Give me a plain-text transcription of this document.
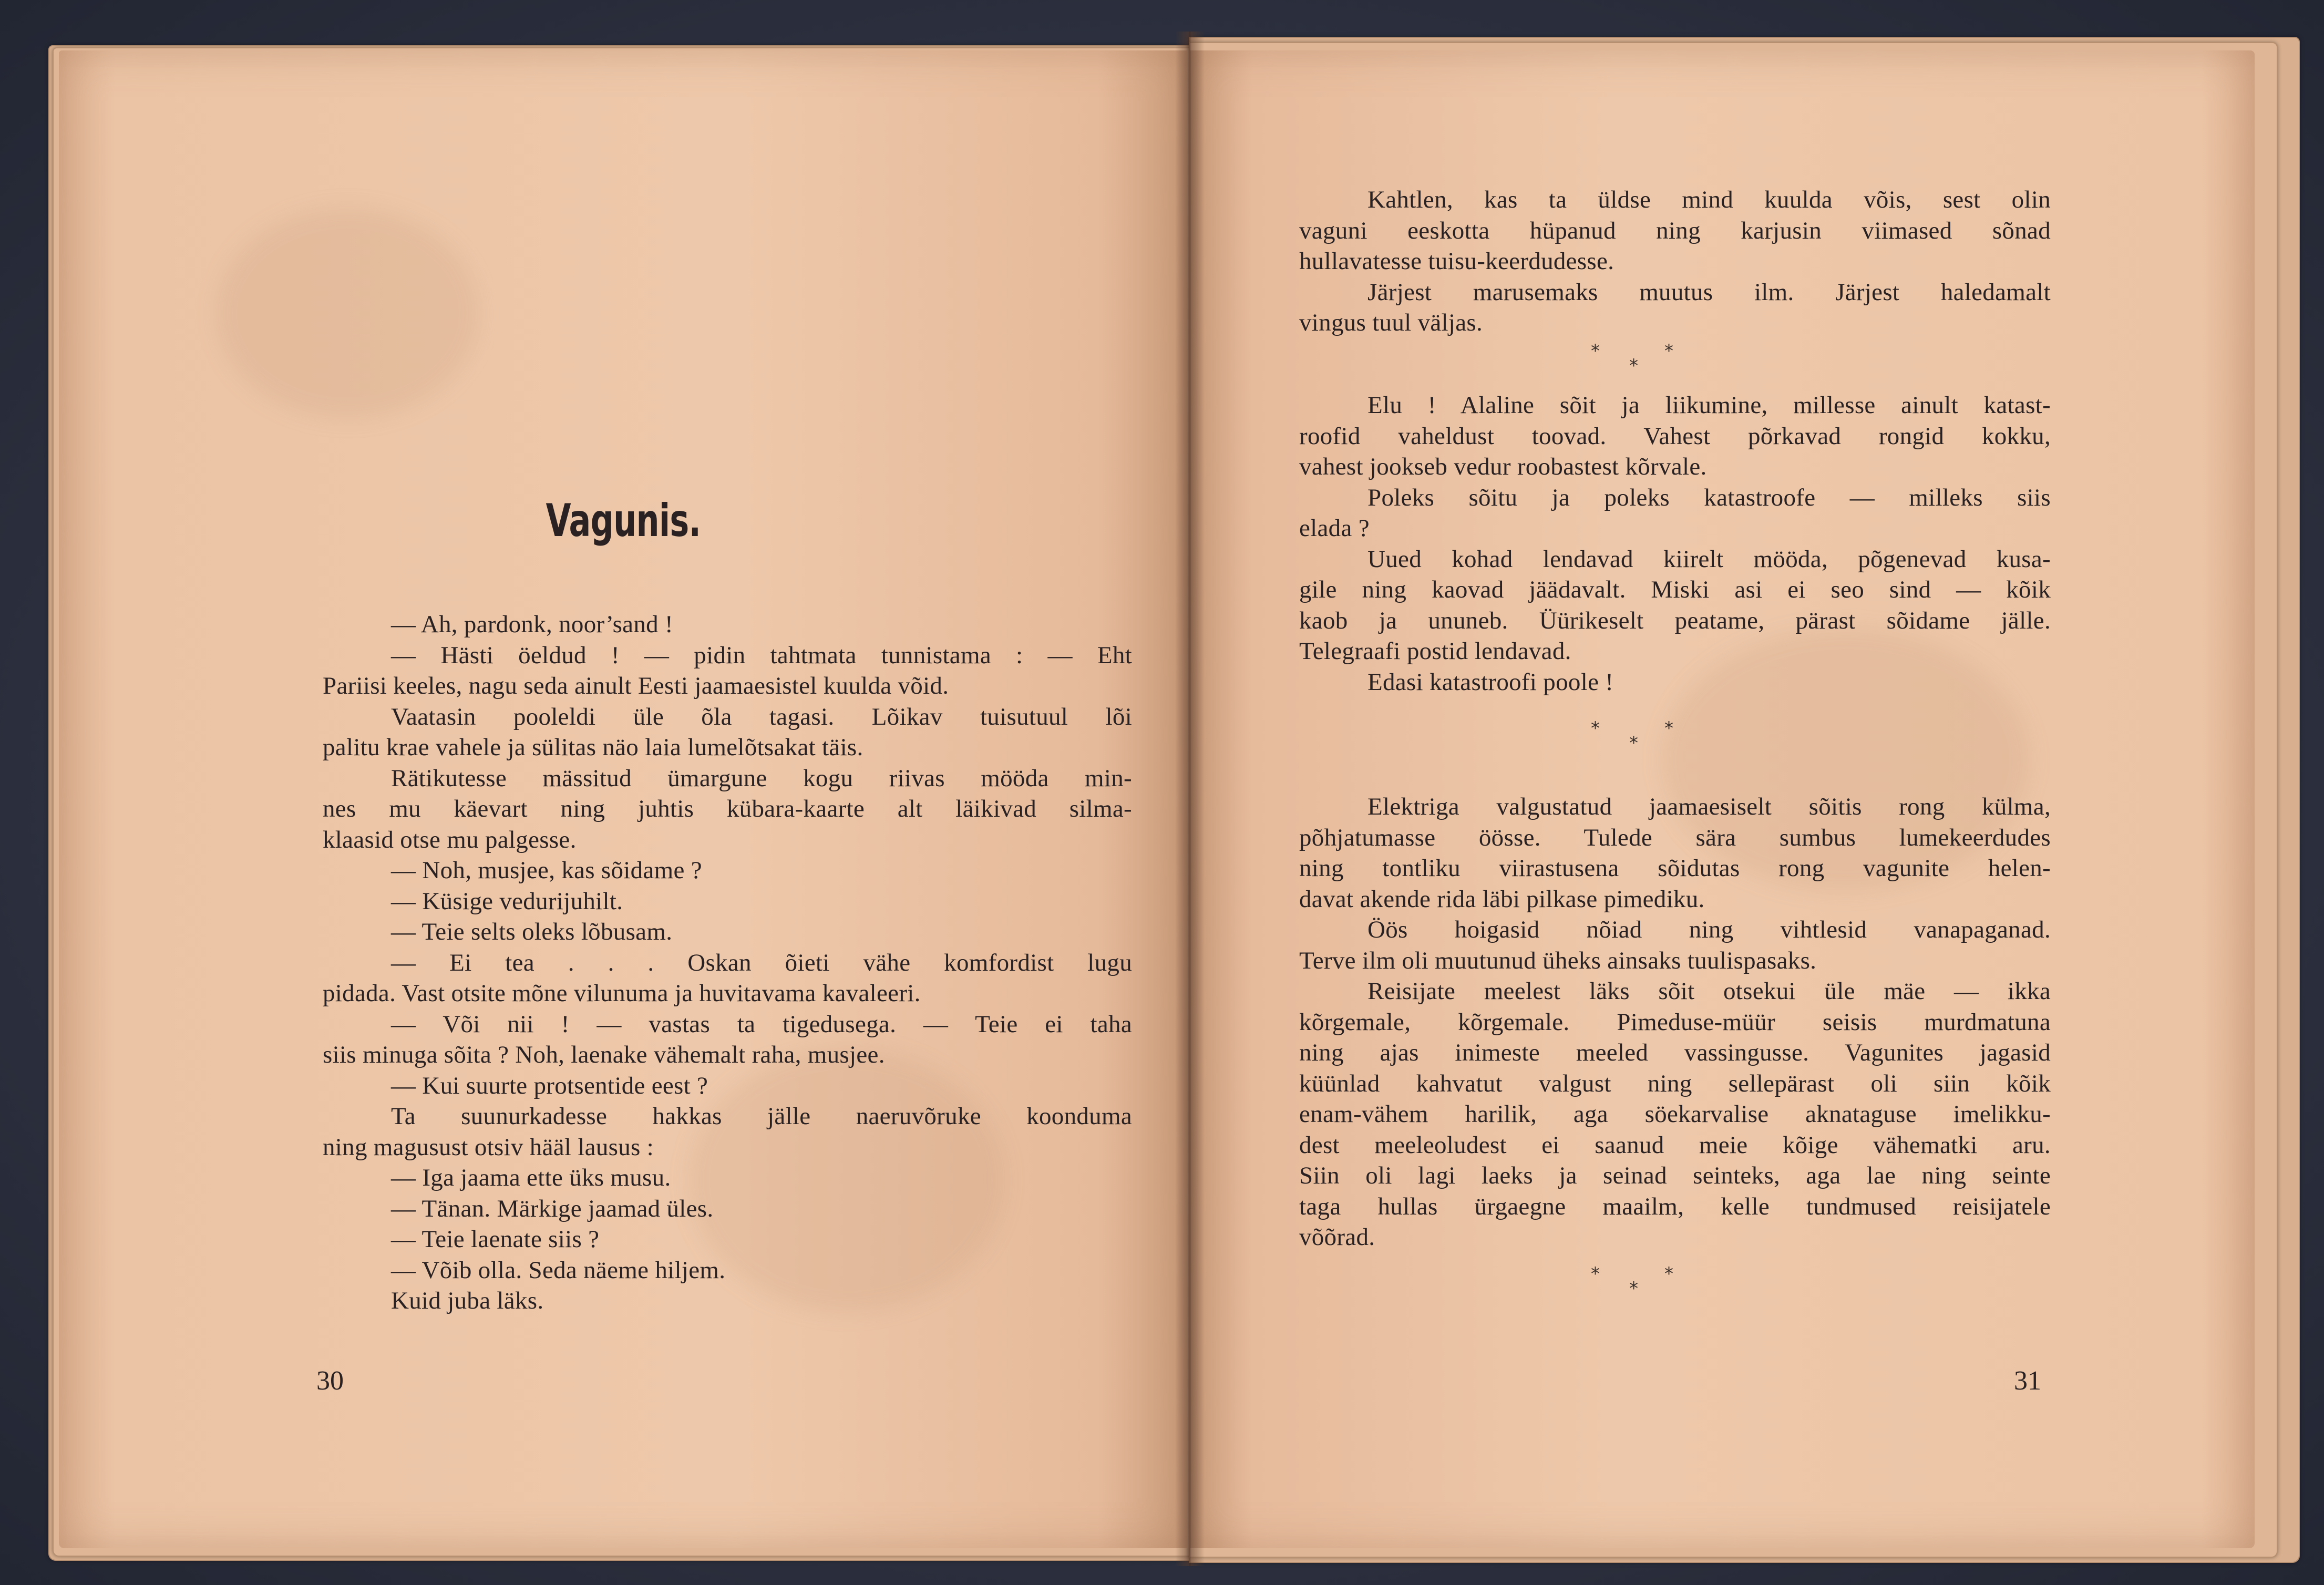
Vagunis.
— Ah, pardonk, noor’sand !
— Hästi öeldud ! — pidin tahtmata tunnistama : — Eht
Pariisi keeles, nagu seda ainult Eesti jaamaesistel kuulda võid.
Vaatasin pooleldi üle õla tagasi. Lõikav tuisutuul lõi
palitu krae vahele ja sülitas näo laia lumelõtsakat täis.
Rätikutesse mässitud ümargune kogu riivas mööda min-
nes mu käevart ning juhtis kübara-kaarte alt läikivad silma-
klaasid otse mu palgesse.
— Noh, musjee, kas sõidame ?
— Küsige vedurijuhilt.
— Teie selts oleks lõbusam.
— Ei tea . . . Oskan õieti vähe komfordist lugu
pidada. Vast otsite mõne vilunuma ja huvitavama kavaleeri.
— Või nii ! — vastas ta tigedusega. — Teie ei taha
siis minuga sõita ? Noh, laenake vähemalt raha, musjee.
— Kui suurte protsentide eest ?
Ta suunurkadesse hakkas jälle naeruvõruke koonduma
ning magusust otsiv hääl lausus :
— Iga jaama ette üks musu.
— Tänan. Märkige jaamad üles.
— Teie laenate siis ?
— Võib olla. Seda näeme hiljem.
Kuid juba läks.
30
Kahtlen, kas ta üldse mind kuulda võis, sest olin
vaguni eeskotta hüpanud ning karjusin viimased sõnad
hullavatesse tuisu-keerdudesse.
Järjest marusemaks muutus ilm. Järjest haledamalt
vingus tuul väljas.
*	*
*
Elu ! Alaline sõit ja liikumine, millesse ainult katast-
roofid vaheldust toovad. Vahest põrkavad rongid kokku,
vahest jookseb vedur roobastest kõrvale.
Poleks sõitu ja poleks katastroofe — milleks siis
elada ?
Uued kohad lendavad kiirelt mööda, põgenevad kusa-
gile ning kaovad jäädavalt. Miski asi ei seo sind — kõik
kaob ja ununeb. Üürikeselt peatame, pärast sõidame jälle.
Telegraafi postid lendavad.
Edasi katastroofi poole !
*	*
*
Elektriga valgustatud jaamaesiselt sõitis rong külma,
põhjatumasse öösse. Tulede sära sumbus lumekeerdudes
ning tontliku viirastusena sõidutas rong vagunite helen-
davat akende rida läbi pilkase pimediku.
Öös hoigasid nõiad ning vihtlesid vanapaganad.
Terve ilm oli muutunud üheks ainsaks tuulispasaks.
Reisijate meelest läks sõit otsekui üle mäe — ikka
kõrgemale, kõrgemale. Pimeduse-müür seisis murdmatuna
ning ajas inimeste meeled vassingusse. Vagunites jagasid
küünlad kahvatut valgust ning sellepärast oli siin kõik
enam-vähem harilik, aga söekarvalise aknataguse imelikku-
dest meeleoludest ei saanud meie kõige vähematki aru.
Siin oli lagi laeks ja seinad seinteks, aga lae ning seinte
taga hullas ürgaegne maailm, kelle tundmused reisijatele
võõrad.
*	*
*
31
